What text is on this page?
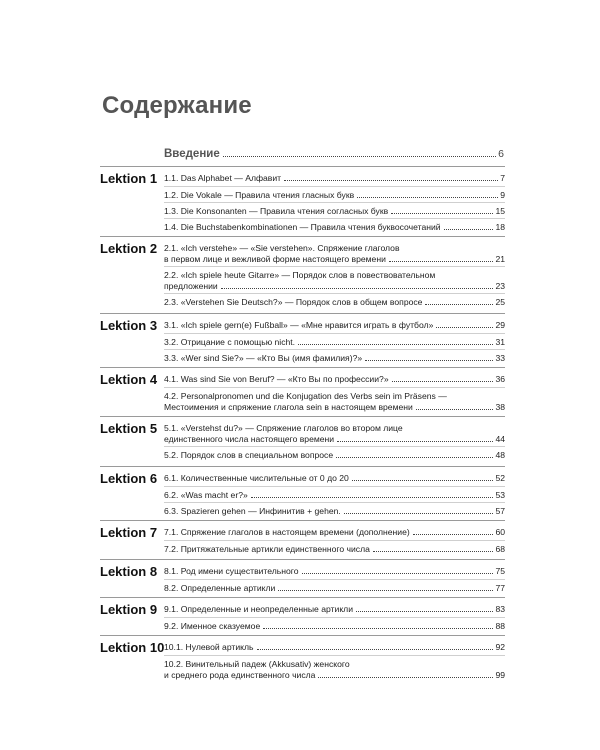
Содержание
Введение	6
Lektion 1 1.1. Das Alphabet — Алфавит	7
1.2. Die Vokale — Правила чтения гласных букв	9
1.3. Die Konsonanten — Правила чтения согласных букв	15
1.4. Die Buchstabenkombinationen — Правила чтения буквосочетаний	18
Lektion 2 2.1. «Ich verstehe» — «Sie verstehen». Спряжение глаголов
в первом лице и вежливой форме настоящего времени	21
2.2. «Ich spiele heute Gitarre» — Порядок слов в повествовательном
предложении	23
2.3. «Verstehen Sie Deutsch?» — Порядок слов в общем вопросе	25
Lektion 3 3.1. «Ich spiele gern(e) Fußball» — «Мне нравится играть в футбол»	29
3.2. Отрицание с помощью nicht.	31
3.3. «Wer sind Sie?» — «Кто Вы (имя фамилия)?»	33
Lektion 4 4.1. Was sind Sie von Beruf? — «Кто Вы по профессии?»	36
4.2. Personalpronomen und die Konjugation des Verbs sein im Präsens —
Местоимения и спряжение глагола sein в настоящем времени	38
Lektion 5 5.1. «Verstehst du?» — Спряжение глаголов во втором лице
единственного числа настоящего времени	44
5.2. Порядок слов в специальном вопросе	48
Lektion 6 6.1. Количественные числительные от 0 до 20	52
6.2. «Was macht er?»	53
6.3. Spazieren gehen — Инфинитив + gehen.	57
Lektion 7 7.1. Спряжение глаголов в настоящем времени (дополнение)	60
7.2. Притяжательные артикли единственного числа	68
Lektion 8 8.1. Род имени существительного	75
8.2. Определенные артикли	77
Lektion 9 9.1. Определенные и неопределенные артикли	83
9.2. Именное сказуемое	88
Lektion 10 10.1. Нулевой артикль	92
10.2. Винительный падеж (Akkusativ) женского
и среднего рода единственного числа	99
